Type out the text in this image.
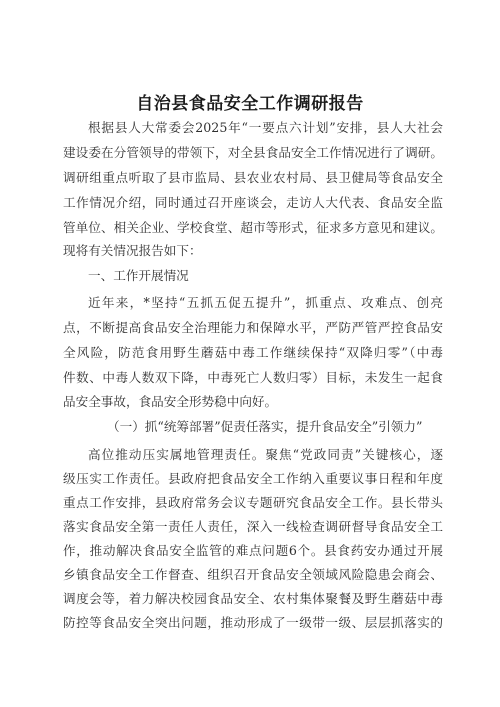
自治县食品安全工作调研报告
根据县人大常委会2025年“一要点六计划”安排，县人大社会
建设委在分管领导的带领下，对全县食品安全工作情况进行了调研。
调研组重点听取了县市监局、县农业农村局、县卫健局等食品安全
工作情况介绍，同时通过召开座谈会，走访人大代表、食品安全监
管单位、相关企业、学校食堂、超市等形式，征求多方意见和建议。
现将有关情况报告如下：
一、工作开展情况
近年来，*坚持“五抓五促五提升”，抓重点、攻难点、创亮
点，不断提高食品安全治理能力和保障水平，严防严管严控食品安
全风险，防范食用野生蘑菇中毒工作继续保持“双降归零”（中毒
件数、中毒人数双下降，中毒死亡人数归零）目标，未发生一起食
品安全事故，食品安全形势稳中向好。
（一）抓“统筹部署”促责任落实，提升食品安全”引领力”
高位推动压实属地管理责任。聚焦“党政同责”关键核心，逐
级压实工作责任。县政府把食品安全工作纳入重要议事日程和年度
重点工作安排，县政府常务会议专题研究食品安全工作。县长带头
落实食品安全第一责任人责任，深入一线检查调研督导食品安全工
作，推动解决食品安全监管的难点问题6个。县食药安办通过开展
乡镇食品安全工作督查、组织召开食品安全领域风险隐患会商会、
调度会等，着力解决校园食品安全、农村集体聚餐及野生蘑菇中毒
防控等食品安全突出问题，推动形成了一级带一级、层层抓落实的
